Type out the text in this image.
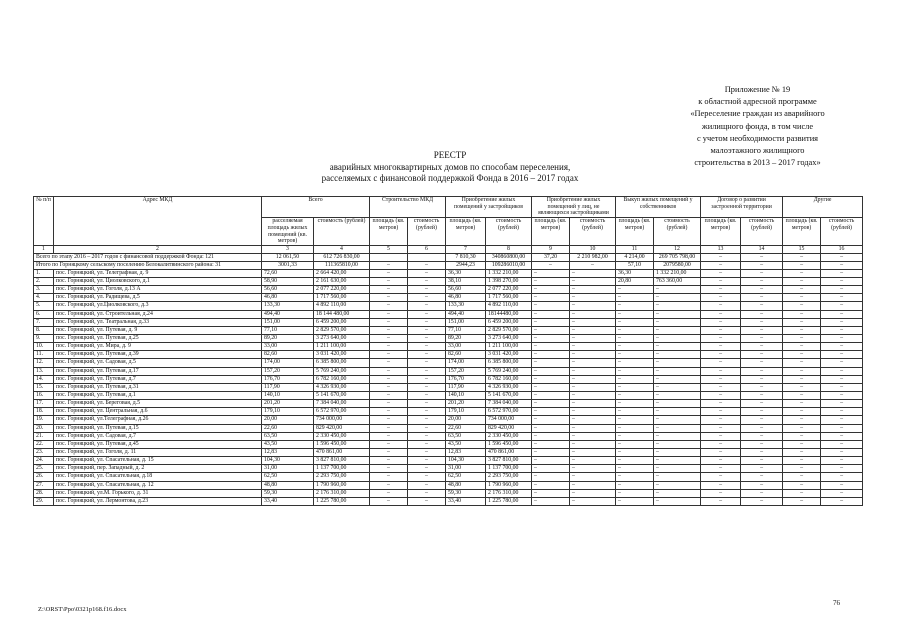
Приложение № 19
к областной адресной программе
«Переселение граждан из аварийного
жилищного фонда, в том числе
с учетом необходимости развития
малоэтажного жилищного
строительства в 2013 – 2017 годах»
РЕЕСТР
аварийных многоквартирных домов по способам переселения,
расселяемых с финансовой поддержкой Фонда в 2016 – 2017 годах
№ п/п	Адрес МКД	Всего		Строительство МКД		Приобретение жилых помещений у застройщиков		Приобретение жилых помещений у лиц, не являющихся застройщиками		Выкуп жилых помещений у собственников		Договор о развитии застроенной территории		Другие	
		расселяемая площадь жилых помещений (кв. метров)	стоимость (рублей)	площадь (кв. метров)	стоимость (рублей)	площадь (кв. метров)	стоимость (рублей)	площадь (кв. метров)	стоимость (рублей)	площадь (кв. метров)	стоимость (рублей)	площадь (кв. метров)	стоимость (рублей)	площадь (кв. метров)	стоимость (рублей)
1	2	3	4	5	6	7	8	9	10	11	12	13	14	15	16
Всего по этапу 2016 – 2017 годов с финансовой поддержкой Фонда: 121		12 061,50	612 726 830,00			7 810,30	340860800,00	37,20	2 210 982,00	4 214,00	269 705 798,00	–	–	–	–
Итого по Горняцкому сельскому поселению Белокалитвинского района: 31		3001,33	111365810,00	–	–	2944,23	109286010,00	–	–	57,10	2079580,00	–	–	–	–
1.	пос. Горняцкий, ул. Телеграфная, д. 9	72,60	2 664 420,00	–	–	36,30	1 332 210,00	–	–	36,30	1 332 210,00	–	–	–	–
2.	пос. Горняцкий, ул. Циолковского, д.1	58,90	2 161 630,00	–	–	38,10	1 398 270,00	–	–	20,80	763 360,00	–	–	–	–
3.	пос. Горняцкий, ул. Гоголя, д.13 А	56,60	2 077 220,00	–	–	56,60	2 077 220,00	–	–	–	–	–	–	–	–
4.	пос. Горняцкий, ул. Радищева, д.5	46,80	1 717 560,00	–	–	46,80	1 717 560,00	–	–	–	–	–	–	–	–
5.	пос. Горняцкий, ул.Циолковского, д.3	133,30	4 892 110,00	–	–	133,30	4 892 110,00	–	–	–	–	–	–	–	–
6.	пос. Горняцкий, ул. Строительная, д.24	494,40	18 144 480,00	–	–	494,40	18144480,00	–	–	–	–	–	–	–	–
7.	пос. Горняцкий, ул. Театральная, д.33	151,00	6 459 200,00	–	–	151,00	6 459 200,00	–	–	–	–	–	–	–	–
8.	пос. Горняцкий, ул. Путевая, д. 9	77,10	2 829 570,00	–	–	77,10	2 829 570,00	–	–	–	–	–	–	–	–
9.	пос. Горняцкий, ул. Путевая, д.25	89,20	3 273 640,00	–	–	89,20	3 273 640,00	–	–	–	–	–	–	–	–
10.	пос. Горняцкий, ул. Мира, д. 9	33,00	1 211 100,00	–	–	33,00	1 211 100,00	–	–	–	–	–	–	–	–
11.	пос. Горняцкий, ул. Путевая, д.39	82,60	3 031 420,00	–	–	82,60	3 031 420,00	–	–	–	–	–	–	–	–
12.	пос. Горняцкий, ул. Садовая, д.5	174,00	6 385 800,00	–	–	174,00	6 385 800,00	–	–	–	–	–	–	–	–
13.	пос. Горняцкий, ул. Путевая, д.17	157,20	5 769 240,00	–	–	157,20	5 769 240,00	–	–	–	–	–	–	–	–
14.	пос. Горняцкий, ул. Путевая, д.7	176,70	6 782 160,00	–	–	176,70	6 782 160,00	–	–	–	–	–	–	–	–
15.	пос. Горняцкий, ул. Путевая, д.31	117,90	4 326 930,00	–	–	117,90	4 326 930,00	–	–	–	–	–	–	–	–
16.	пос. Горняцкий, ул. Путевая, д.1	140,10	5 141 670,00	–	–	140,10	5 141 670,00	–	–	–	–	–	–	–	–
17.	пос. Горняцкий, ул. Береговая, д.5	201,20	7 384 040,00	–	–	201,20	7 384 040,00	–	–	–	–	–	–	–	–
18.	пос. Горняцкий, ул. Центральная, д.6	179,10	6 572 970,00	–	–	179,10	6 572 970,00	–	–	–	–	–	–	–	–
19.	пос. Горняцкий, ул.Телеграфная, д.26	20,00	734 000,00	–	–	20,00	734 000,00	–	–	–	–	–	–	–	–
20.	пос. Горняцкий, ул. Путевая, д.15	22,60	829 420,00	–	–	22,60	829 420,00	–	–	–	–	–	–	–	–
21.	пос. Горняцкий, ул. Садовая, д.7	63,50	2 330 450,00	–	–	63,50	2 330 450,00	–	–	–	–	–	–	–	–
22.	пос. Горняцкий, ул. Путевая, д.45	43,50	1 596 450,00	–	–	43,50	1 596 450,00	–	–	–	–	–	–	–	–
23.	пос. Горняцкий, ул. Гоголя, д. 11	12,83	470 861,00	–	–	12,83	470 861,00	–	–	–	–	–	–	–	–
24.	пос. Горняцкий, ул. Спасательная, д. 15	104,30	3 827 810,00	–	–	104,30	3 827 810,00	–	–	–	–	–	–	–	–
25.	пос. Горняцкий, пер. Западный, д. 2	31,00	1 137 700,00	–	–	31,00	1 137 700,00	–	–	–	–	–	–	–	–
26.	пос. Горняцкий, ул. Спасательная, д.18	62,50	2 293 750,00	–	–	62,50	2 293 750,00	–	–	–	–	–	–	–	–
27.	пос. Горняцкий, ул. Спасательная, д. 12	48,80	1 790 960,00	–	–	48,80	1 790 960,00	–	–	–	–	–	–	–	–
28.	пос. Горняцкий, ул.М. Горького, д. 31	59,30	2 176 310,00	–	–	59,30	2 176 310,00	–	–	–	–	–	–	–	–
29.	пос. Горняцкий, ул. Лермонтова, д.23	33,40	1 225 780,00	–	–	33,40	1 225 780,00	–	–	–	–	–	–	–	–
76
Z:\ORST\Ppo\0321p168.f16.docx
